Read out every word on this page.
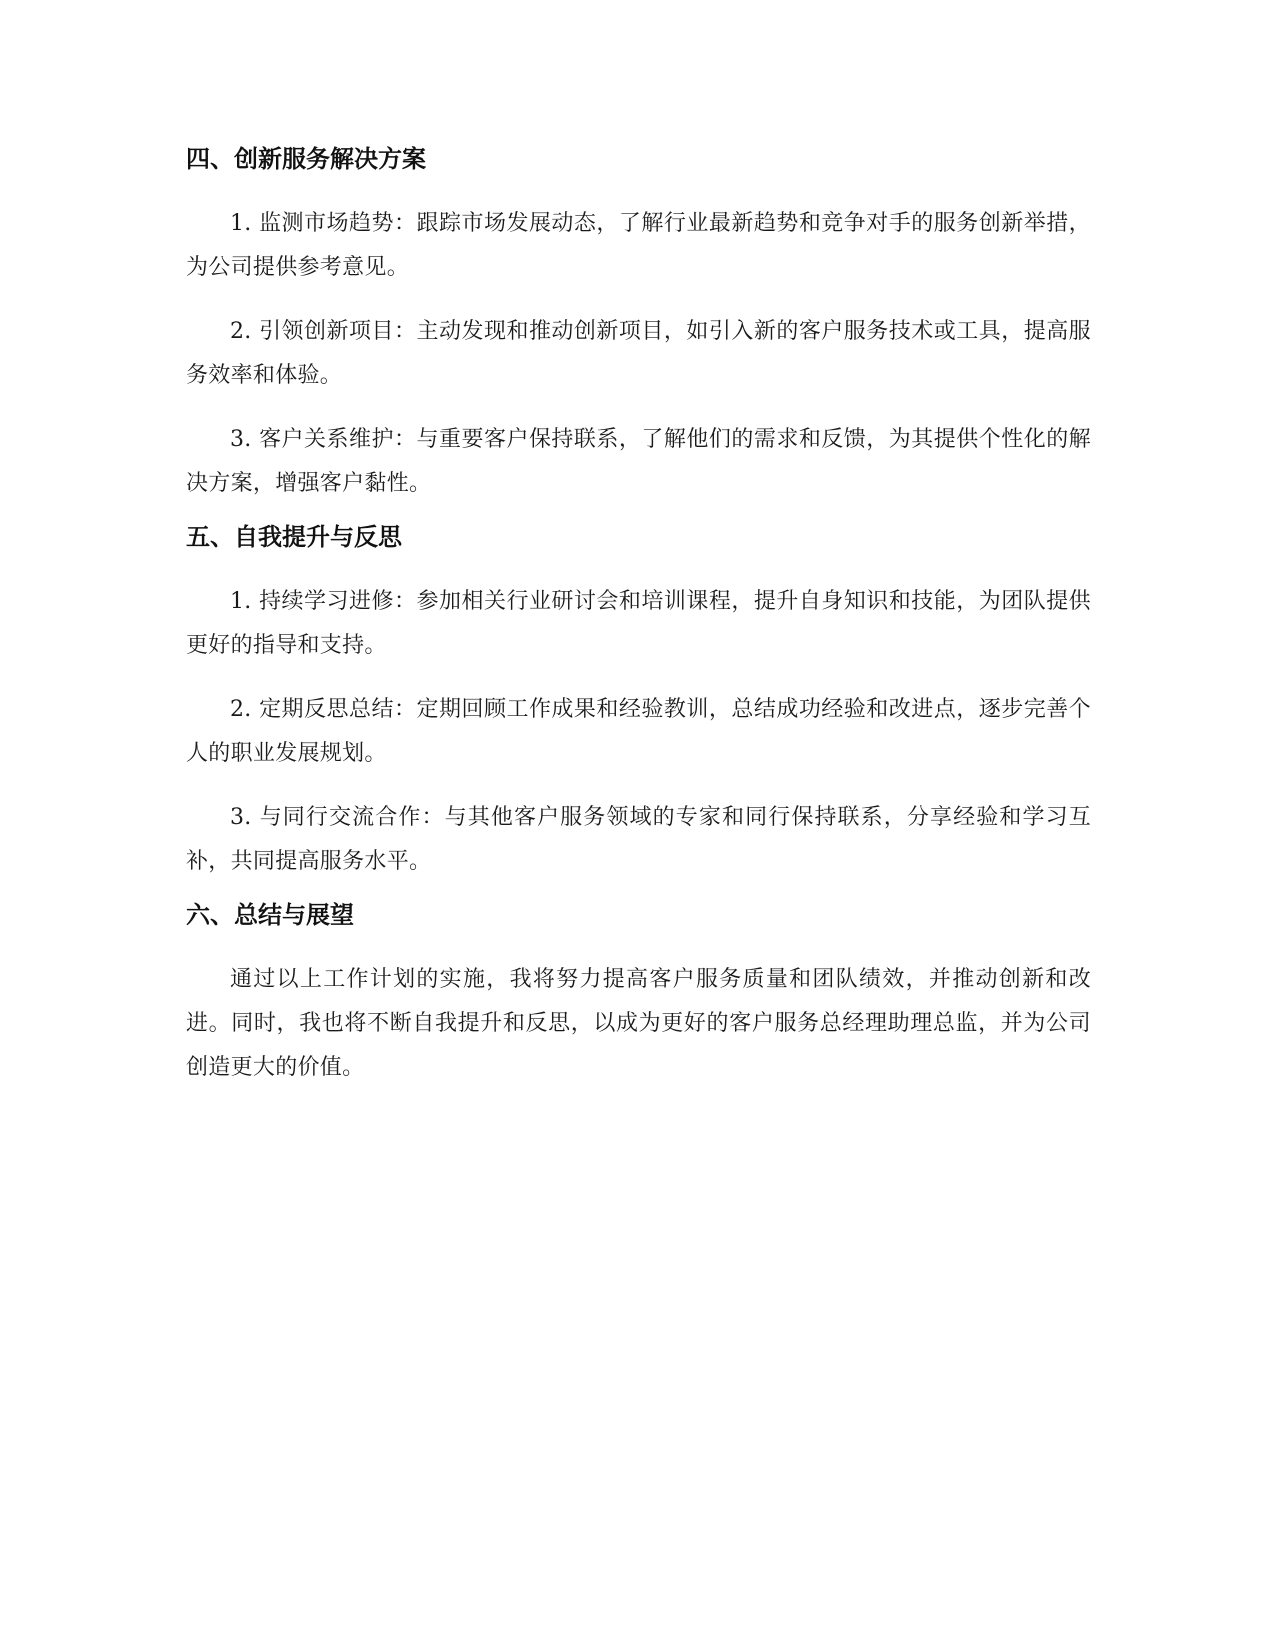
四、创新服务解决方案

1. 监测市场趋势：跟踪市场发展动态，了解行业最新趋势和竞争对手的服务创新举措，为公司提供参考意见。

2. 引领创新项目：主动发现和推动创新项目，如引入新的客户服务技术或工具，提高服务效率和体验。

3. 客户关系维护：与重要客户保持联系，了解他们的需求和反馈，为其提供个性化的解决方案，增强客户黏性。

五、自我提升与反思

1. 持续学习进修：参加相关行业研讨会和培训课程，提升自身知识和技能，为团队提供更好的指导和支持。

2. 定期反思总结：定期回顾工作成果和经验教训，总结成功经验和改进点，逐步完善个人的职业发展规划。

3. 与同行交流合作：与其他客户服务领域的专家和同行保持联系，分享经验和学习互补，共同提高服务水平。

六、总结与展望

通过以上工作计划的实施，我将努力提高客户服务质量和团队绩效，并推动创新和改进。同时，我也将不断自我提升和反思，以成为更好的客户服务总经理助理总监，并为公司创造更大的价值。
